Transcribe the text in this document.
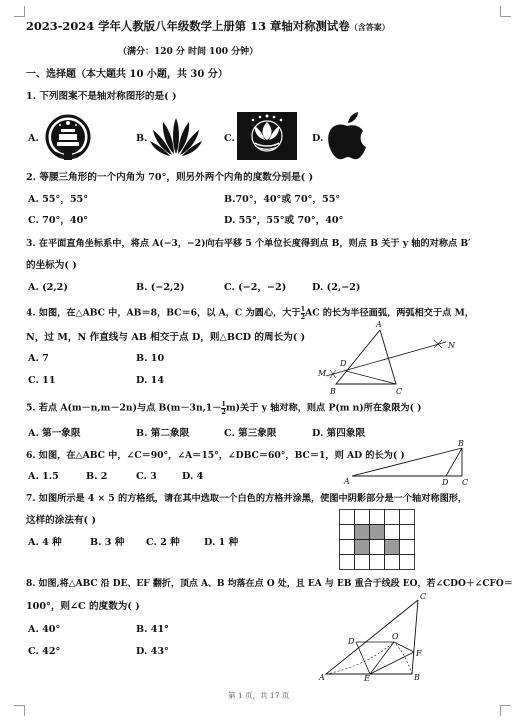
2023-2024 学年人教版八年级数学上册第 13 章轴对称测试卷（含答案）
（满分：120 分 时间 100 分钟）
一、选择题（本大题共 10 小题，共 30 分）
1. 下列图案不是轴对称图形的是( )
A.	B.	C.	D.
2. 等腰三角形的一个内角为 70°，则另外两个内角的度数分别是( )
A. 55°，55°	B.70°，40°或 70°，55°
C. 70°，40°	D. 55°，55°或 70°，40°
3. 在平面直角坐标系中，将点 A(−3，−2)向右平移 5 个单位长度得到点 B，则点 B 关于 y 轴的对称点 B′
的坐标为( )
A. (2,2)	B. (−2,2)	C. (−2，−2)	D. (2,−2)
4. 如图，在△ABC 中，AB＝8，BC＝6，以 A，C 为圆心，大于 $\frac{1}{2}$ AC 的长为半径画弧，两弧相交于点 M，
N，过 M，N 作直线与 AB 相交于点 D，则△BCD 的周长为( )
A. 7	B. 10
C. 11	D. 14
A
B	C
D
M
N
5. 若点 A(m－n,m－2n)与点 $B(m-3n,1- \frac{1}{2} m)$关于 y 轴对称，则点 P(m n)所在象限为( )
A. 第一象限	B. 第二象限	C. 第三象限	D. 第四象限
6. 如图，在△ABC 中，∠C＝90°，∠A＝15°，∠DBC＝60°，BC＝1，则 AD 的长为( )
A. 1.5	B. 2	C. 3	D. 4	A
B
C
D
7. 如图所示是 4 × 5 的方格纸，请在其中选取一个白色的方格并涂黑，使图中阴影部分是一个轴对称图形，
这样的涂法有( )
A. 4 种	B. 3 种 C. 2 种	D. 1 种
8. 如图,将△ABC 沿 DE、EF 翻折，顶点 A、B 均落在点 O 处，且 EA 与 EB 重合于线段 EO，若∠CDO＋∠CFO＝
100°，则∠C 的度数为( )
A. 40°	B. 41°
C. 42°	D. 43°
C
A	B
D
E
F
O
第 1 页，共 17 页
